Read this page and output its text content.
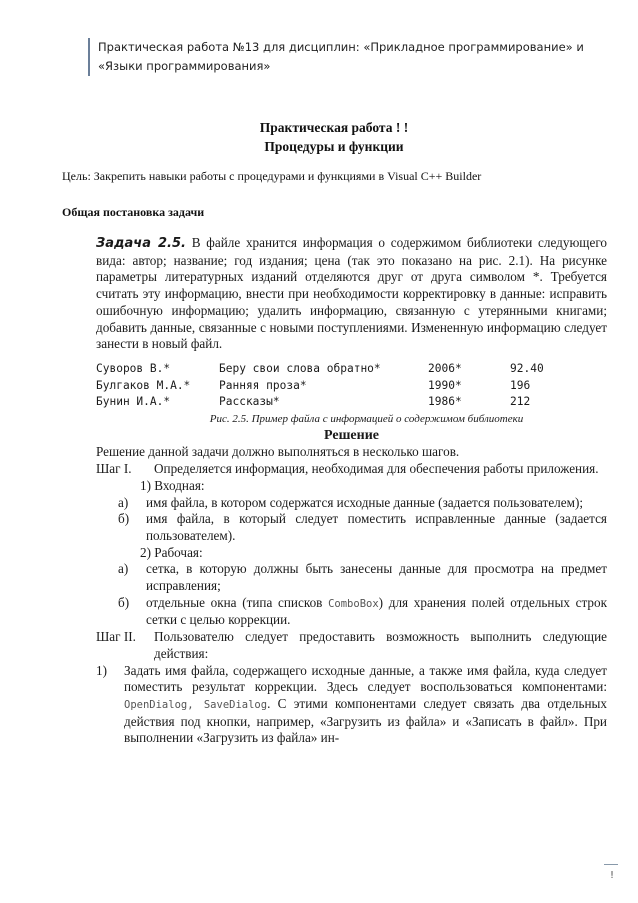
Практическая работа №13 для дисциплин: «Прикладное программирование» и
«Языки программирования»
Практическая работа ! !
Процедуры и функции
Цель: Закрепить навыки работы с процедурами и функциями в Visual C++ Builder
Общая постановка задачи

Задача 2.5. В файле хранится информация о содержимом библиотеки следующего вида: автор; название; год издания; цена (так это показано на рис. 2.1). На рисунке параметры литературных изданий отделяются друг от друга символом *. Требуется считать эту информацию, внести при необходимости корректировку в данные: исправить ошибочную информацию; удалить информацию, связанную с утерянными книгами; добавить данные, связанные с новыми поступлениями. Измененную информацию следует занести в новый файл.

Суворов В.*	Беру свои слова обратно*	2006*	92.40
Булгаков М.А.*	Ранняя проза*	1990*	196
Бунин И.А.*	Рассказы*	1986*	212

Рис. 2.5. Пример файла с информацией о содержимом библиотеки

Решение

Решение данной задачи должно выполняться в несколько шагов.

Шаг I.	Определяется информация, необходимая для обеспечения работы приложения.

1) Входная:

а)	имя файла, в котором содержатся исходные данные (задается пользователем);
б)	имя файла, в который следует поместить исправленные данные (задается пользователем).

2) Рабочая:

а)	сетка, в которую должны быть занесены данные для просмотра на предмет исправления;
б)	отдельные окна (типа списков ComboBox) для хранения полей отдельных строк сетки с целью коррекции.
Шаг II.	Пользователю следует предоставить возможность выполнить следующие действия:
1)	Задать имя файла, содержащего исходные данные, а также имя файла, куда следует поместить результат коррекции. Здесь следует воспользоваться компонентами: OpenDialog, SaveDialog. С этими компонентами следует связать два отдельных действия под кнопки, например, «Загрузить из файла» и «Записать в файл». При выполнении «Загрузить из файла» ин-
!
